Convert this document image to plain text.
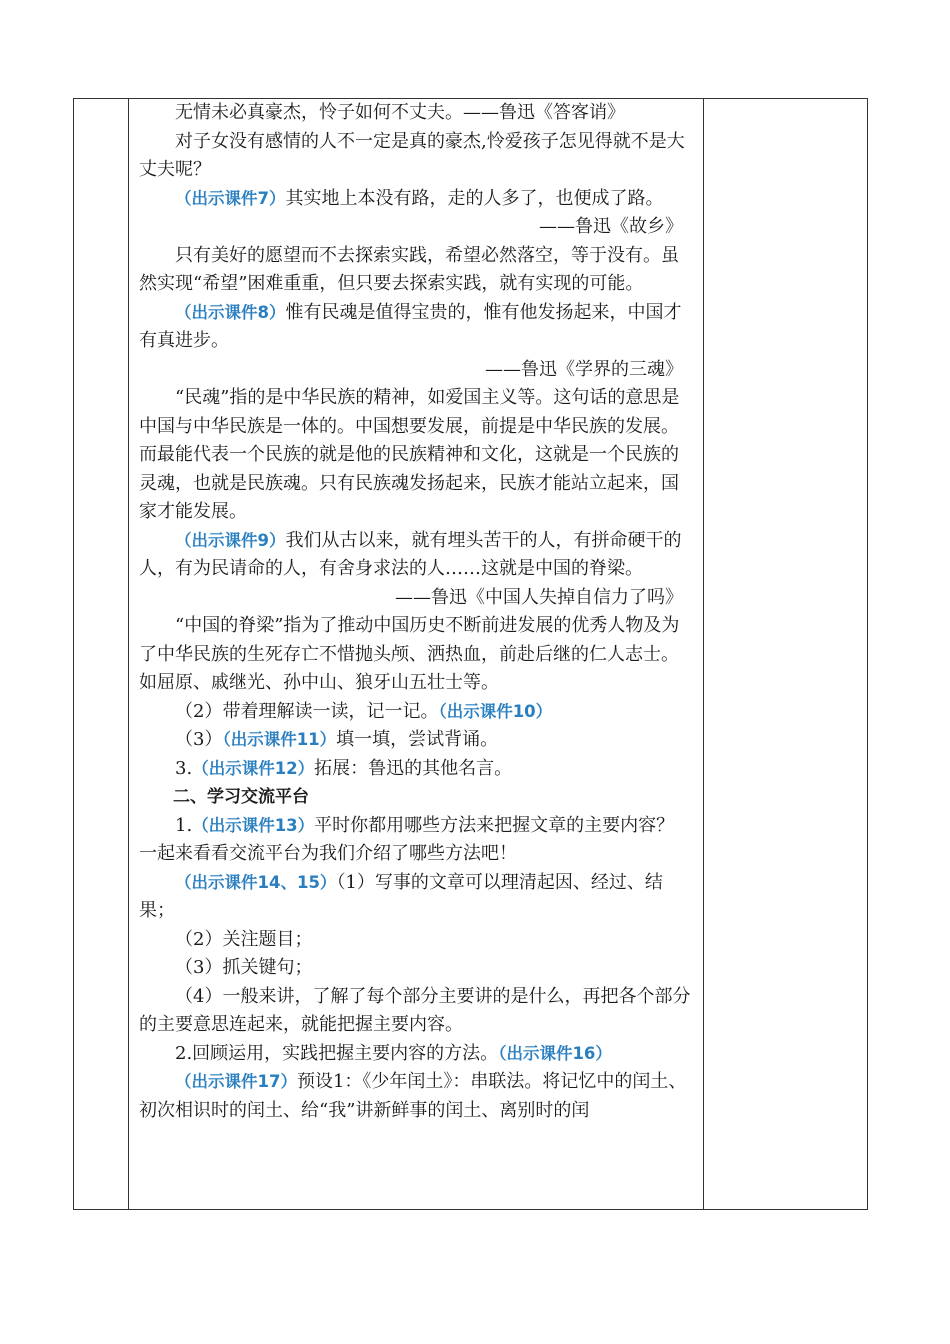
无情未必真豪杰，怜子如何不丈夫。——鲁迅《答客诮》

对子女没有感情的人不一定是真的豪杰,怜爱孩子怎见得就不是大丈夫呢？

（出示课件7）其实地上本没有路，走的人多了，也便成了路。

——鲁迅《故乡》

只有美好的愿望而不去探索实践，希望必然落空，等于没有。虽然实现“希望”困难重重，但只要去探索实践，就有实现的可能。

（出示课件8）惟有民魂是值得宝贵的，惟有他发扬起来，中国才有真进步。

——鲁迅《学界的三魂》

“民魂”指的是中华民族的精神，如爱国主义等。这句话的意思是中国与中华民族是一体的。中国想要发展，前提是中华民族的发展。而最能代表一个民族的就是他的民族精神和文化，这就是一个民族的灵魂，也就是民族魂。只有民族魂发扬起来，民族才能站立起来，国家才能发展。

（出示课件9）我们从古以来，就有埋头苦干的人，有拼命硬干的人，有为民请命的人，有舍身求法的人……这就是中国的脊梁。

——鲁迅《中国人失掉自信力了吗》

“中国的脊梁”指为了推动中国历史不断前进发展的优秀人物及为了中华民族的生死存亡不惜抛头颅、洒热血，前赴后继的仁人志士。如屈原、戚继光、孙中山、狼牙山五壮士等。

（2）带着理解读一读，记一记。（出示课件10）

（3）（出示课件11）填一填，尝试背诵。

3.（出示课件12）拓展：鲁迅的其他名言。

二、学习交流平台

1.（出示课件13）平时你都用哪些方法来把握文章的主要内容？一起来看看交流平台为我们介绍了哪些方法吧！

（出示课件14、15）（1）写事的文章可以理清起因、经过、结果；

（2）关注题目；

（3）抓关键句；

（4）一般来讲，了解了每个部分主要讲的是什么，再把各个部分的主要意思连起来，就能把握主要内容。

2.回顾运用，实践把握主要内容的方法。（出示课件16）

（出示课件17）预设1：《少年闰土》：串联法。将记忆中的闰土、初次相识时的闰土、给“我”讲新鲜事的闰土、离别时的闰
